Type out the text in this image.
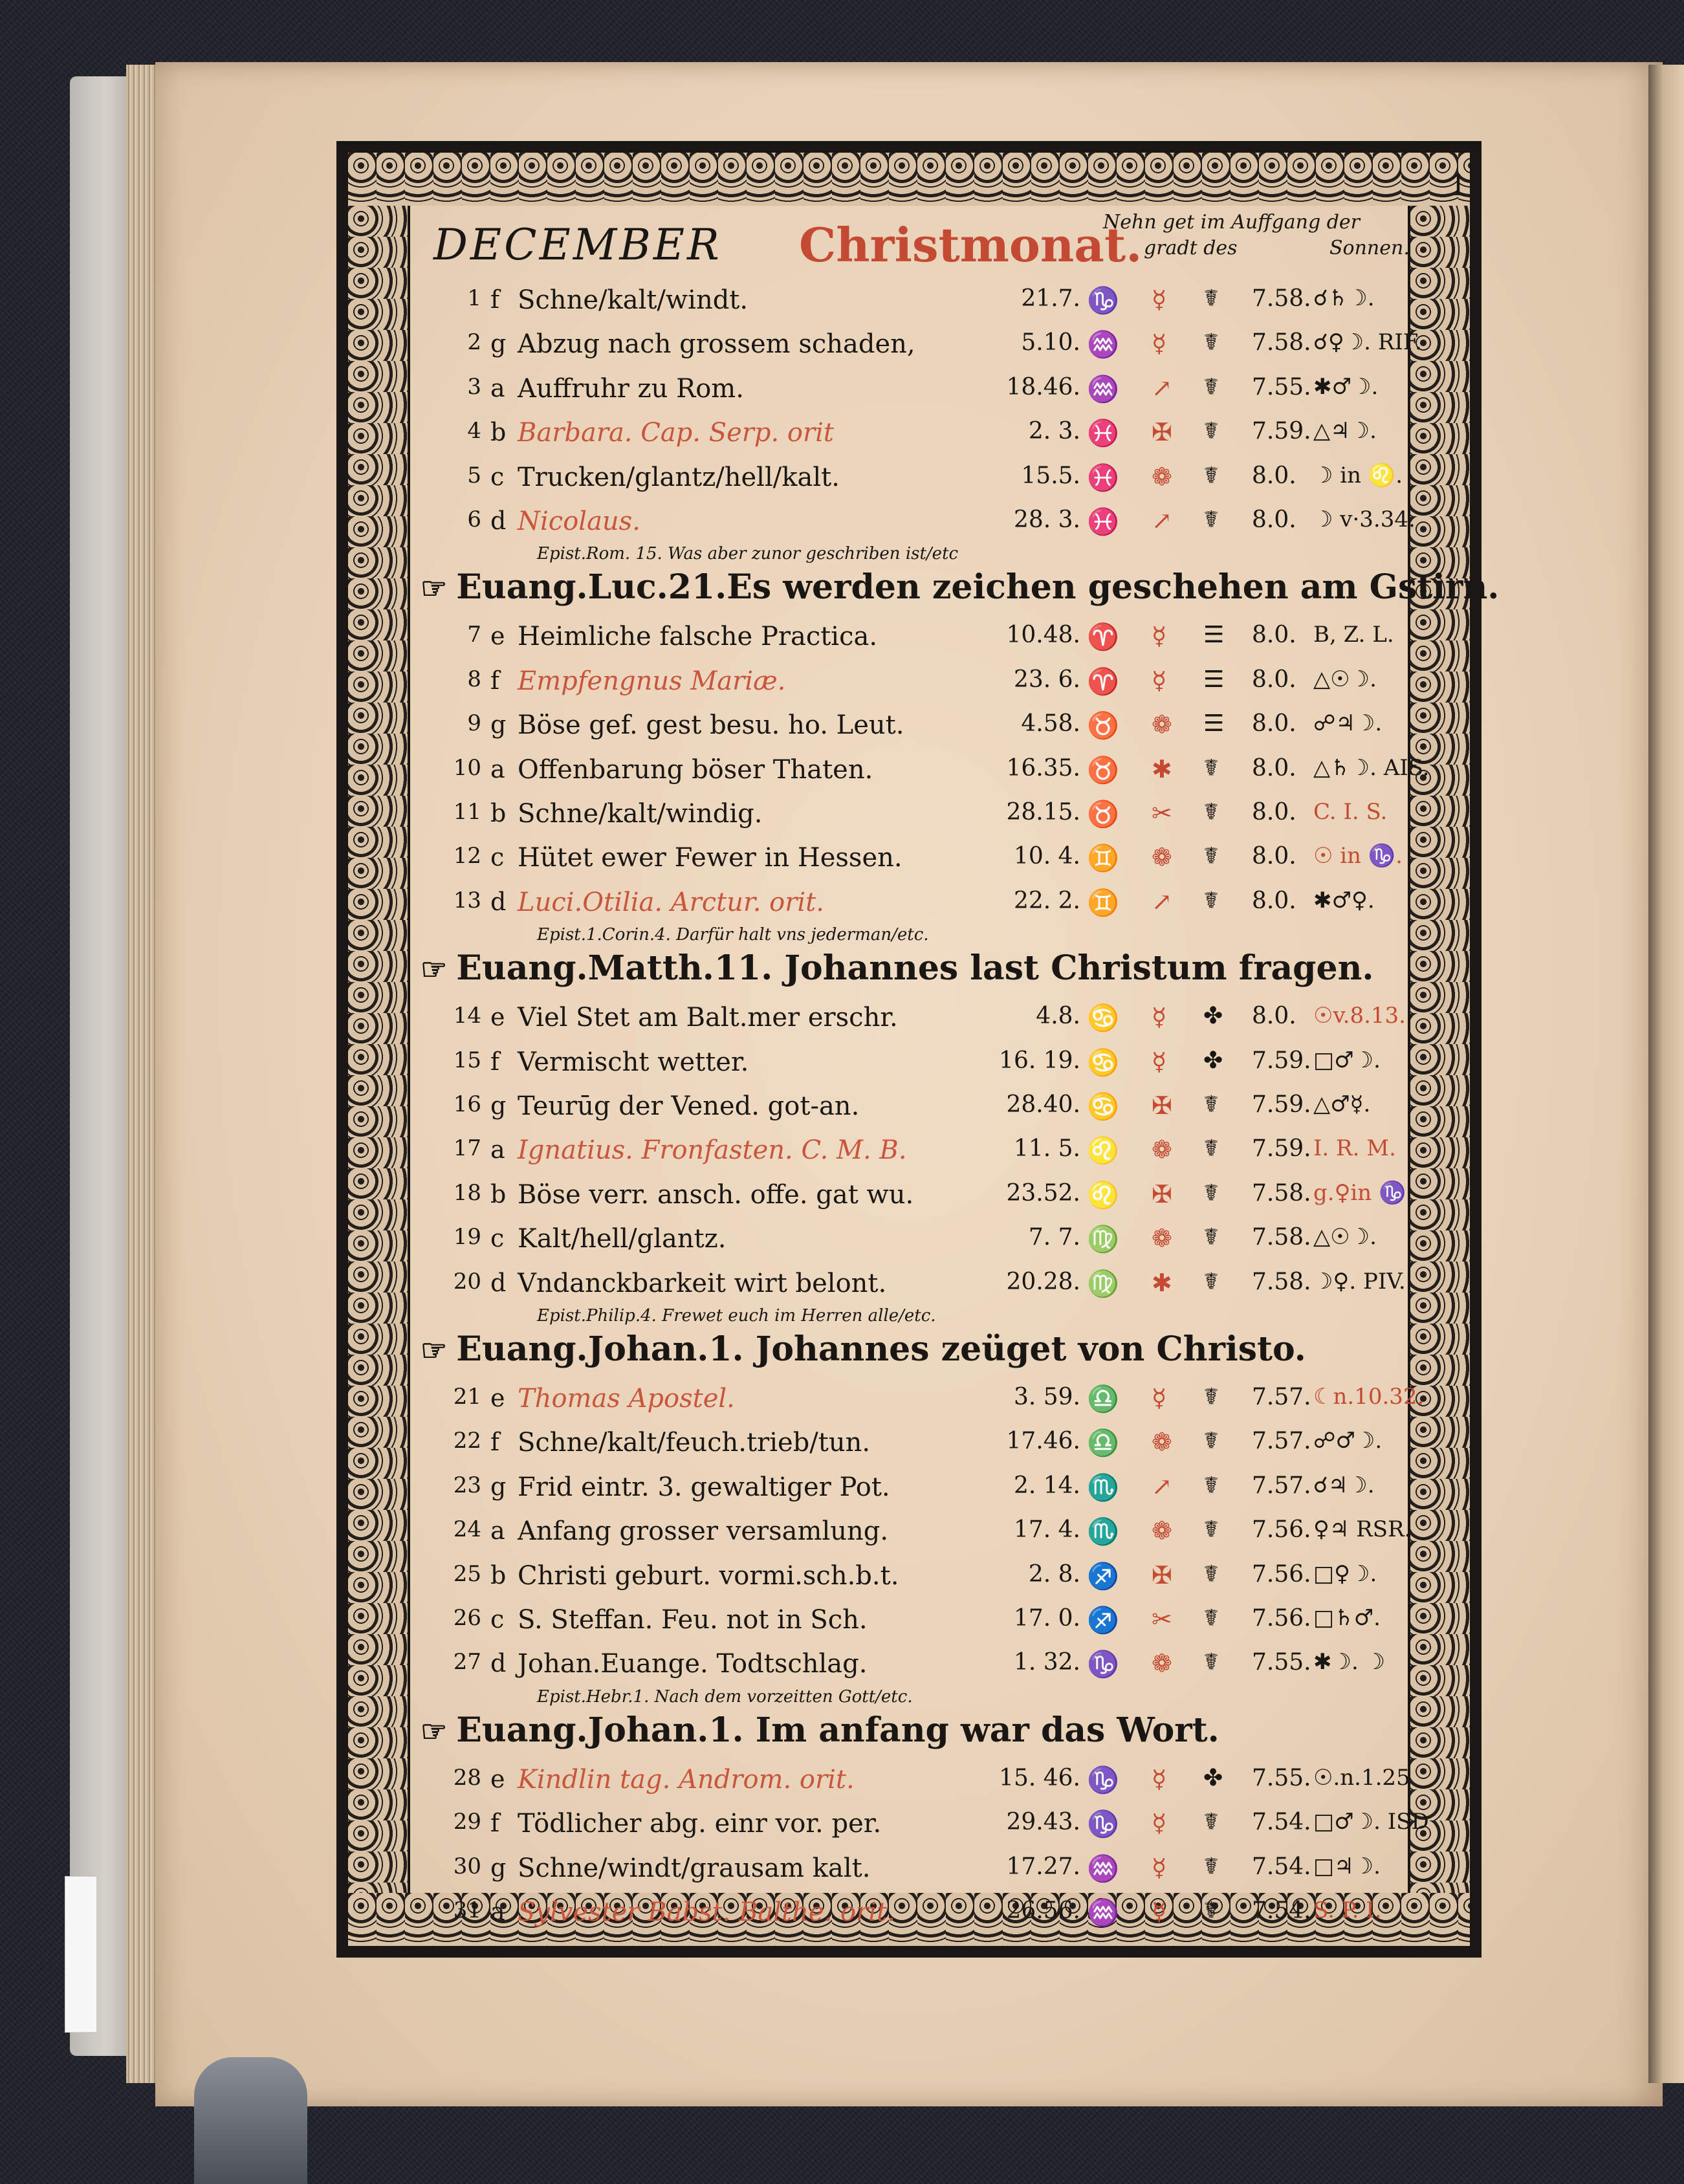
1
DECEMBER Christmonat.
Nehn get im Auffgang der
gradt des	Sonnen.
1 f Schne/kalt/windt.	21.7. ♑ ☿ ☤ 7.58. ☌♄☽.
2 g Abzug nach grossem schaden,	5.10. ♒ ☿ ☤ 7.58. ☌♀☽. RIF.
3 a Auffruhr zu Rom.	18.46. ♒ ↗ ☤ 7.55. ✱♂☽.
4 b Barbara. Cap. Serp. orit	2. 3. ♓ ✠ ☤ 7.59. △♃☽.
5 c Trucken/glantz/hell/kalt.	15.5. ♓ ❁ ☤ 8.0. ☽ in ♌.
6 d Nicolaus.	28. 3. ♓ ↗ ☤ 8.0. ☽ v·3.34.
Epist.Rom. 15. Was aber zunor geschriben ist/etc
☞ Euang.Luc.21.Es werden zeichen geschehen am Gstirn.
7 e Heimliche falsche Practica.	10.48. ♈ ☿ ☰ 8.0. B, Z. L.
8 f Empfengnus Mariæ.	23. 6. ♈ ☿ ☰ 8.0. △☉☽.
9 g Böse gef. gest besu. ho. Leut.	4.58. ♉ ❁ ☰ 8.0. ☍♃☽.
10 a Offenbarung böser Thaten.	16.35. ♉ ✱ ☤ 8.0. △♄☽. AIS.
11 b Schne/kalt/windig.	28.15. ♉ ✂ ☤ 8.0. C. I. S.
12 c Hütet ewer Fewer in Hessen.	10. 4. ♊ ❁ ☤ 8.0. ☉ in ♑.
13 d Luci.Otilia. Arctur. orit.	22. 2. ♊ ↗ ☤ 8.0. ✱♂♀.
Epist.1.Corin.4. Darfür halt vns jederman/etc.
☞ Euang.Matth.11. Johannes last Christum fragen.
14 e Viel Stet am Balt.mer erschr.	4.8. ♋ ☿ ✤ 8.0. ☉v.8.13.
15 f Vermischt wetter.	16. 19. ♋ ☿ ✤ 7.59. □♂☽.
16 g Teurūg der Vened. got-an.	28.40. ♋ ✠ ☤ 7.59. △♂☿.
17 a Ignatius. Fronfasten. C. M. B.	11. 5. ♌ ❁ ☤ 7.59. I. R. M.
18 b Böse verr. ansch. offe. gat wu.	23.52. ♌ ✠ ☤ 7.58. g.♀in ♑
19 c Kalt/hell/glantz.	7. 7. ♍ ❁ ☤ 7.58. △☉☽.
20 d Vndanckbarkeit wirt belont.	20.28. ♍ ✱ ☤ 7.58. ☽♀. PIV.
Epist.Philip.4. Frewet euch im Herren alle/etc.
☞ Euang.Johan.1. Johannes zeüget von Christo.
21 e Thomas Apostel.	3. 59. ♎ ☿ ☤ 7.57. ☾n.10.32.
22 f Schne/kalt/feuch.trieb/tun.	17.46. ♎ ❁ ☤ 7.57. ☍♂☽.
23 g Frid eintr. 3. gewaltiger Pot.	2. 14. ♏ ↗ ☤ 7.57. ☌♃☽.
24 a Anfang grosser versamlung.	17. 4. ♏ ❁ ☤ 7.56. ♀♃ RSR.
25 b Christi geburt. vormi.sch.b.t.	2. 8. ♐ ✠ ☤ 7.56. □♀☽.
26 c S. Steffan. Feu. not in Sch.	17. 0. ♐ ✂ ☤ 7.56. □♄♂.
27 d Johan.Euange. Todtschlag.	1. 32. ♑ ❁ ☤ 7.55. ✱☽. ☽
Epist.Hebr.1. Nach dem vorzeitten Gott/etc.
☞ Euang.Johan.1. Im anfang war das Wort.
28 e Kindlin tag. Androm. orit.	15. 46. ♑ ☿ ✤ 7.55. ☉.n.1.25
29 f Tödlicher abg. einr vor. per.	29.43. ♑ ☿ ☤ 7.54. □♂☽. ISD
30 g Schne/windt/grausam kalt.	17.27. ♒ ☿ ☤ 7.54. □♃☽.
31 a Sylvester Babst. Balthe. orit.	26.56. ♒ ☿ ☤ 7.54. S. P. I.
